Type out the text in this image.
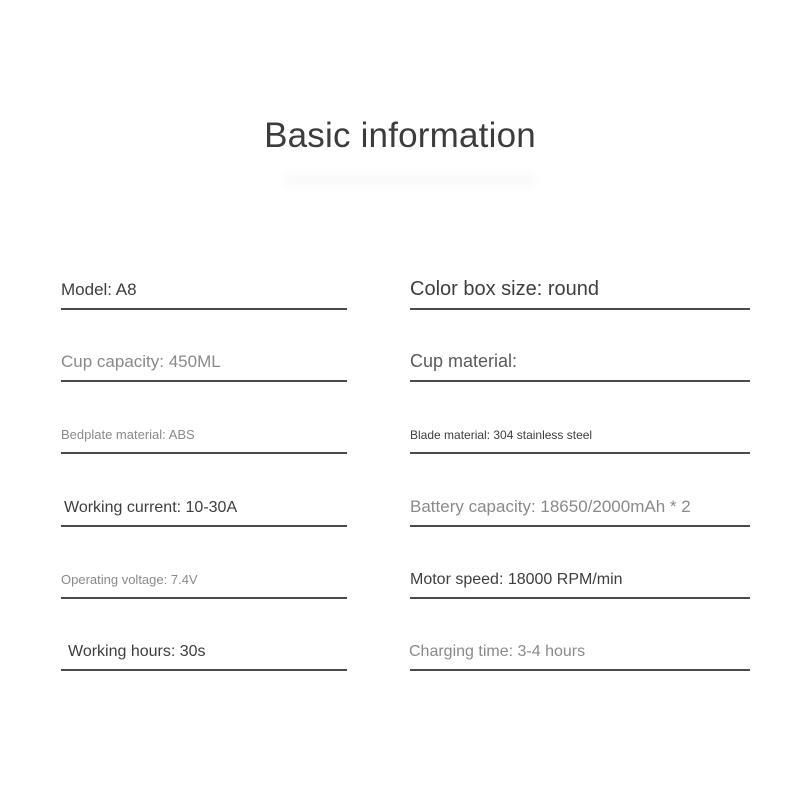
Basic information
Model: A8
Cup capacity: 450ML
Bedplate material: ABS
Working current: 10-30A
Operating voltage: 7.4V
Working hours: 30s
Color box size: round
Cup material:
Blade material: 304 stainless steel
Battery capacity: 18650/2000mAh * 2
Motor speed: 18000 RPM/min
Charging time: 3-4 hours
